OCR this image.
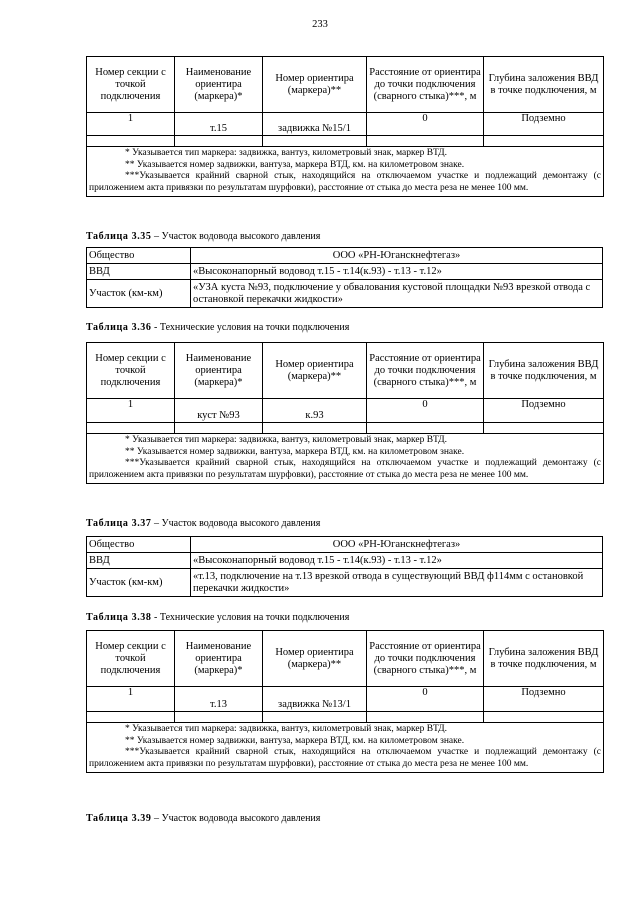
233
Номер секции с точкой подключения	Наименование ориентира (маркера)*	Номер ориентира (маркера)**	Расстояние от ориентира до точки подключения (сварного стыка)***, м	Глубина заложения ВВД в точке подключения, м
1	т.15	задвижка №15/1	0	Подземно

* Указывается тип маркера: задвижка, вантуз, километровый знак, маркер ВТД.
** Указывается номер задвижки, вантуза, маркера ВТД, км. на километровом знаке.
***Указывается крайний сварной стык, находящийся на отключаемом участке и подлежащий демонтажу (с приложением акта привязки по результатам шурфовки), расстояние от стыка до места реза не менее 100 мм.				
Таблица 3.35 – Участок водовода высокого давления
Общество	ООО «РН-Юганскнефтегаз»
ВВД	«Высоконапорный водовод т.15 - т.14(к.93) - т.13 - т.12»
Участок (км-км)	«УЗА куста №93, подключение у обвалования кустовой площадки №93 врезкой отвода с остановкой перекачки жидкости»
Таблица 3.36 - Технические условия на точки подключения
Номер секции с точкой подключения	Наименование ориентира (маркера)*	Номер ориентира (маркера)**	Расстояние от ориентира до точки подключения (сварного стыка)***, м	Глубина заложения ВВД в точке подключения, м
1	куст №93	к.93	0	Подземно

* Указывается тип маркера: задвижка, вантуз, километровый знак, маркер ВТД.
** Указывается номер задвижки, вантуза, маркера ВТД, км. на километровом знаке.
***Указывается крайний сварной стык, находящийся на отключаемом участке и подлежащий демонтажу (с приложением акта привязки по результатам шурфовки), расстояние от стыка до места реза не менее 100 мм.				
Таблица 3.37 – Участок водовода высокого давления
Общество	ООО «РН-Юганскнефтегаз»
ВВД	«Высоконапорный водовод т.15 - т.14(к.93) - т.13 - т.12»
Участок (км-км)	«т.13, подключение на т.13 врезкой отвода в существующий ВВД ф114мм с остановкой перекачки жидкости»
Таблица 3.38 - Технические условия на точки подключения
Номер секции с точкой подключения	Наименование ориентира (маркера)*	Номер ориентира (маркера)**	Расстояние от ориентира до точки подключения (сварного стыка)***, м	Глубина заложения ВВД в точке подключения, м
1	т.13	задвижка №13/1	0	Подземно

* Указывается тип маркера: задвижка, вантуз, километровый знак, маркер ВТД.
** Указывается номер задвижки, вантуза, маркера ВТД, км. на километровом знаке.
***Указывается крайний сварной стык, находящийся на отключаемом участке и подлежащий демонтажу (с приложением акта привязки по результатам шурфовки), расстояние от стыка до места реза не менее 100 мм.				
Таблица 3.39 – Участок водовода высокого давления
